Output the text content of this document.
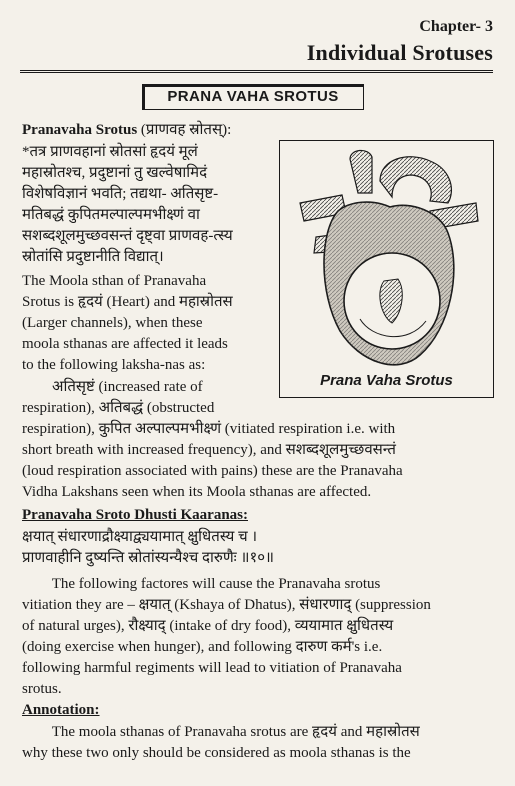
Chapter- 3
Individual Srotuses
PRANA VAHA SROTUS
Prana Vaha Srotus
Pranavaha Srotus (प्राणवह स्रोतस्):
*तत्र प्राणवहानां स्रोतसां हृदयं मूलं
महास्रोतश्च, प्रदुष्टानां तु खल्वेषामिदं
विशेषविज्ञानं भवति; तद्यथा- अतिसृष्ट-
मतिबद्धं कुपितमल्पाल्पमभीक्ष्णं वा
सशब्दशूलमुच्छवसन्तं दृष्ट्वा प्राणवह-त्स्य
स्रोतांसि प्रदुष्टानीति विद्यात्।
The Moola sthan of Pranavaha
Srotus is हृदयं (Heart) and महास्रोतस
(Larger channels), when these
moola sthanas are affected it leads
to the following laksha-nas as:
अतिसृष्टं (increased rate of
respiration), अतिबद्धं (obstructed
respiration), कुपित अल्पाल्पमभीक्ष्णं (vitiated respiration i.e. with
short breath with increased frequency), and सशब्दशूलमुच्छवसन्तं
(loud respiration associated with pains) these are the Pranavaha
Vidha Lakshans seen when its Moola sthanas are affected.
Pranavaha Sroto Dhusti Kaaranas:
क्षयात् संधारणाद्रौक्ष्याद्व्ययामात् क्षुधितस्य च ।
प्राणवाहीनि दुष्यन्ति स्रोतांस्यन्यैश्च दारुणैः ॥१०॥
The following factores will cause the Pranavaha srotus
vitiation they are – क्षयात् (Kshaya of Dhatus), संधारणाद् (suppression
of natural urges), रौक्ष्याद् (intake of dry food), व्ययामात क्षुधितस्य
(doing exercise when hunger), and following दारुण कर्म's i.e.
following harmful regiments will lead to vitiation of Pranavaha
srotus.
Annotation:
The moola sthanas of Pranavaha srotus are हृदयं and महास्रोतस
why these two only should be considered as moola sthanas is the
